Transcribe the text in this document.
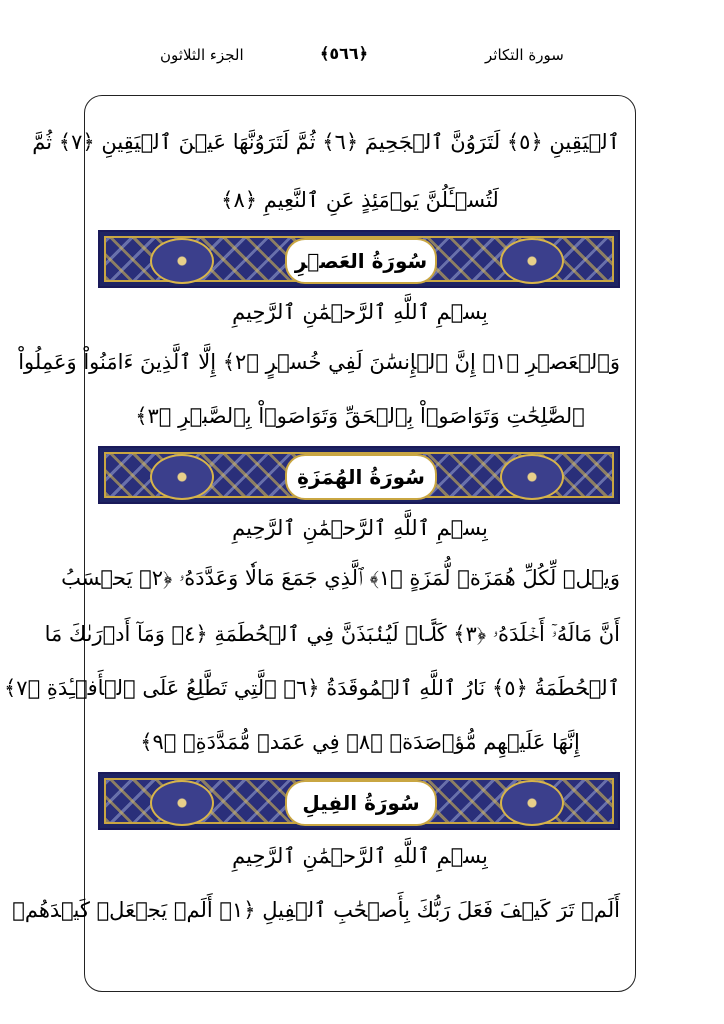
الجزء الثلاثون	﴿٥٦٦﴾	سورة التكاثر
ٱلۡيَقِينِ ﴿٥﴾ لَتَرَوُنَّ ٱلۡجَحِيمَ ﴿٦﴾ ثُمَّ لَتَرَوُنَّهَا عَيۡنَ ٱلۡيَقِينِ ﴿٧﴾ ثُمَّ
لَتُسۡـَٔلُنَّ يَوۡمَئِذٍ عَنِ ٱلنَّعِيمِ ﴿٨﴾
سُورَةُ العَصۡرِ
بِسۡمِ ٱللَّهِ ٱلرَّحۡمَٰنِ ٱلرَّحِيمِ
وَٱلۡعَصۡرِ ﴿١﴾ إِنَّ ٱلۡإِنسَٰنَ لَفِي خُسۡرٍ ﴿٢﴾ إِلَّا ٱلَّذِينَ ءَامَنُواْ وَعَمِلُواْ
ٱلصَّٰلِحَٰتِ وَتَوَاصَوۡاْ بِٱلۡحَقِّ وَتَوَاصَوۡاْ بِٱلصَّبۡرِ ﴿٣﴾
سُورَةُ الهُمَزَةِ
بِسۡمِ ٱللَّهِ ٱلرَّحۡمَٰنِ ٱلرَّحِيمِ
وَيۡلٞ لِّكُلِّ هُمَزَةٖ لُّمَزَةٍ ﴿١﴾ ٱلَّذِي جَمَعَ مَالٗا وَعَدَّدَهُۥ ﴿٢﴾ يَحۡسَبُ
أَنَّ مَالَهُۥٓ أَخۡلَدَهُۥ ﴿٣﴾ كَلَّاۖ لَيُنۢبَذَنَّ فِي ٱلۡحُطَمَةِ ﴿٤﴾ وَمَآ أَدۡرَىٰكَ مَا
ٱلۡحُطَمَةُ ﴿٥﴾ نَارُ ٱللَّهِ ٱلۡمُوقَدَةُ ﴿٦﴾ ٱلَّتِي تَطَّلِعُ عَلَى ٱلۡأَفۡـِٔدَةِ ﴿٧﴾
إِنَّهَا عَلَيۡهِم مُّؤۡصَدَةٞ ﴿٨﴾ فِي عَمَدٖ مُّمَدَّدَةِۭ ﴿٩﴾
سُورَةُ الفِيلِ
بِسۡمِ ٱللَّهِ ٱلرَّحۡمَٰنِ ٱلرَّحِيمِ
أَلَمۡ تَرَ كَيۡفَ فَعَلَ رَبُّكَ بِأَصۡحَٰبِ ٱلۡفِيلِ ﴿١﴾ أَلَمۡ يَجۡعَلۡ كَيۡدَهُمۡ
